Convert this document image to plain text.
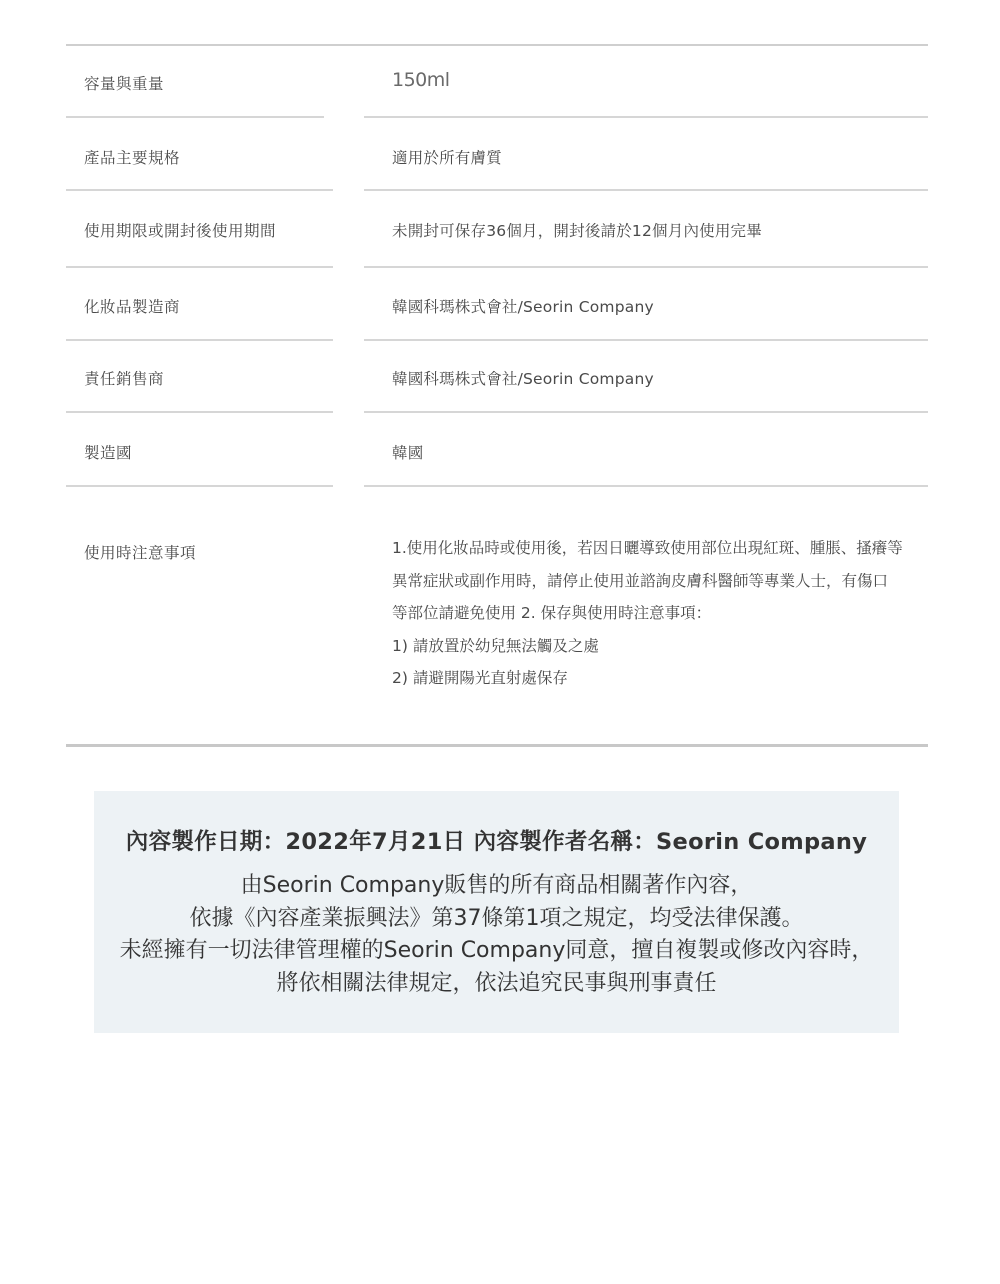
容量與重量	150ml
產品主要規格	適用於所有膚質
使用期限或開封後使用期間	未開封可保存36個月，開封後請於12個月內使用完畢
化妝品製造商	韓國科瑪株式會社/Seorin Company
責任銷售商	韓國科瑪株式會社/Seorin Company
製造國	韓國
使用時注意事項	1.使用化妝品時或使用後，若因日曬導致使用部位出現紅斑、腫脹、搔癢等
異常症狀或副作用時，請停止使用並諮詢皮膚科醫師等專業人士，有傷口
等部位請避免使用 2. 保存與使用時注意事項：
1) 請放置於幼兒無法觸及之處
2) 請避開陽光直射處保存
內容製作日期：2022年7月21日 內容製作者名稱：Seorin Company
由Seorin Company販售的所有商品相關著作內容，
依據《內容產業振興法》第37條第1項之規定，均受法律保護。
未經擁有一切法律管理權的Seorin Company同意，擅自複製或修改內容時，
將依相關法律規定，依法追究民事與刑事責任
